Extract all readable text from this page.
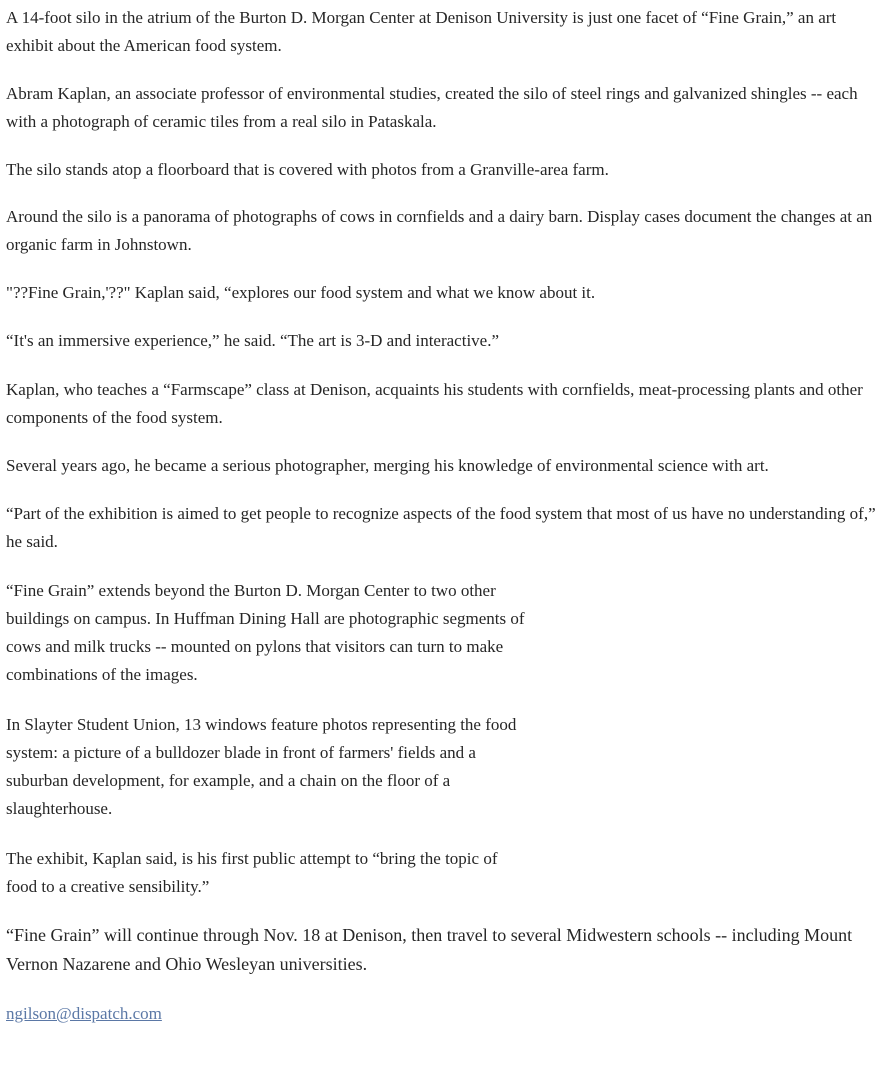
A 14-foot silo in the atrium of the Burton D. Morgan Center at Denison University is just one facet of “Fine Grain,” an art exhibit about the American food system.

Abram Kaplan, an associate professor of environmental studies, created the silo of steel rings and galvanized shingles -- each with a photograph of ceramic tiles from a real silo in Pataskala.

The silo stands atop a floorboard that is covered with photos from a Granville-area farm.

Around the silo is a panorama of photographs of cows in cornfields and a dairy barn. Display cases document the changes at an organic farm in Johnstown.

"??Fine Grain,'??" Kaplan said, “explores our food system and what we know about it.

“It's an immersive experience,” he said. “The art is 3-D and interactive.”

Kaplan, who teaches a “Farmscape” class at Denison, acquaints his students with cornfields, meat-processing plants and other components of the food system.

Several years ago, he became a serious photographer, merging his knowledge of environmental science with art.

“Part of the exhibition is aimed to get people to recognize aspects of the food system that most of us have no understanding of,” he said.

“Fine Grain” extends beyond the Burton D. Morgan Center to two other buildings on campus. In Huffman Dining Hall are photographic segments of cows and milk trucks -- mounted on pylons that visitors can turn to make combinations of the images.

In Slayter Student Union, 13 windows feature photos representing the food system: a picture of a bulldozer blade in front of farmers' fields and a suburban development, for example, and a chain on the floor of a slaughterhouse.

The exhibit, Kaplan said, is his first public attempt to “bring the topic of food to a creative sensibility.”

“Fine Grain” will continue through Nov. 18 at Denison, then travel to several Midwestern schools -- including Mount Vernon Nazarene and Ohio Wesleyan universities.

ngilson@dispatch.com
